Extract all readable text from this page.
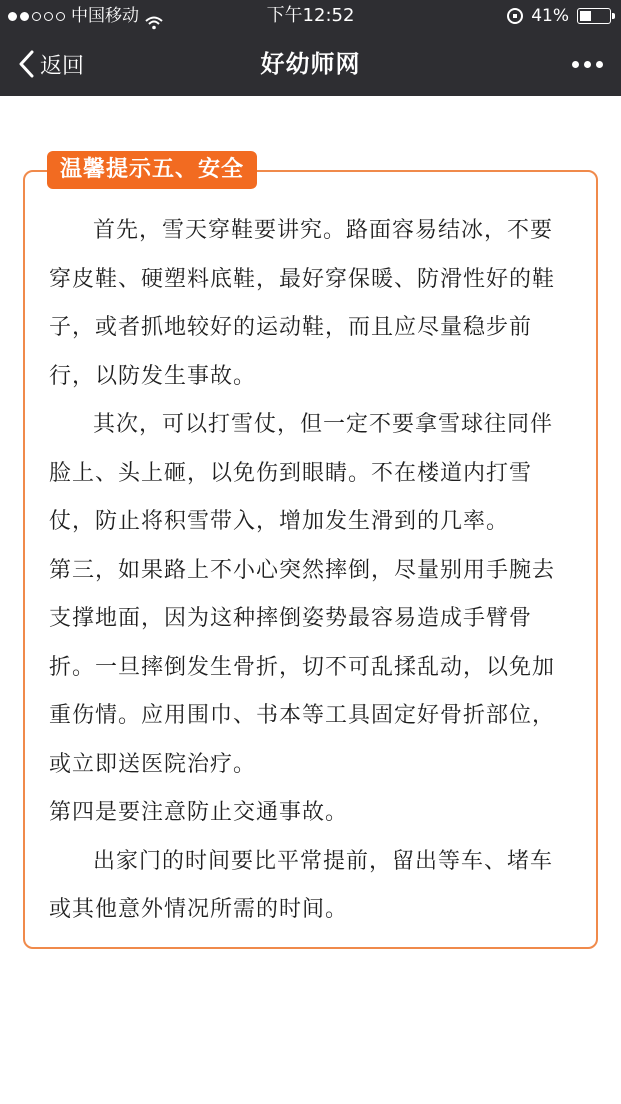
中国移动	下午12:52	41%
返回	好幼师网
温馨提示五、安全

首先，雪天穿鞋要讲究。路面容易结冰，不要穿皮鞋、硬塑料底鞋，最好穿保暖、防滑性好的鞋子，或者抓地较好的运动鞋，而且应尽量稳步前行，以防发生事故。

其次，可以打雪仗，但一定不要拿雪球往同伴脸上、头上砸，以免伤到眼睛。不在楼道内打雪仗，防止将积雪带入，增加发生滑到的几率。

第三，如果路上不小心突然摔倒，尽量别用手腕去支撑地面，因为这种摔倒姿势最容易造成手臂骨折。一旦摔倒发生骨折，切不可乱揉乱动，以免加重伤情。应用围巾、书本等工具固定好骨折部位，或立即送医院治疗。

第四是要注意防止交通事故。

出家门的时间要比平常提前，留出等车、堵车或其他意外情况所需的时间。
